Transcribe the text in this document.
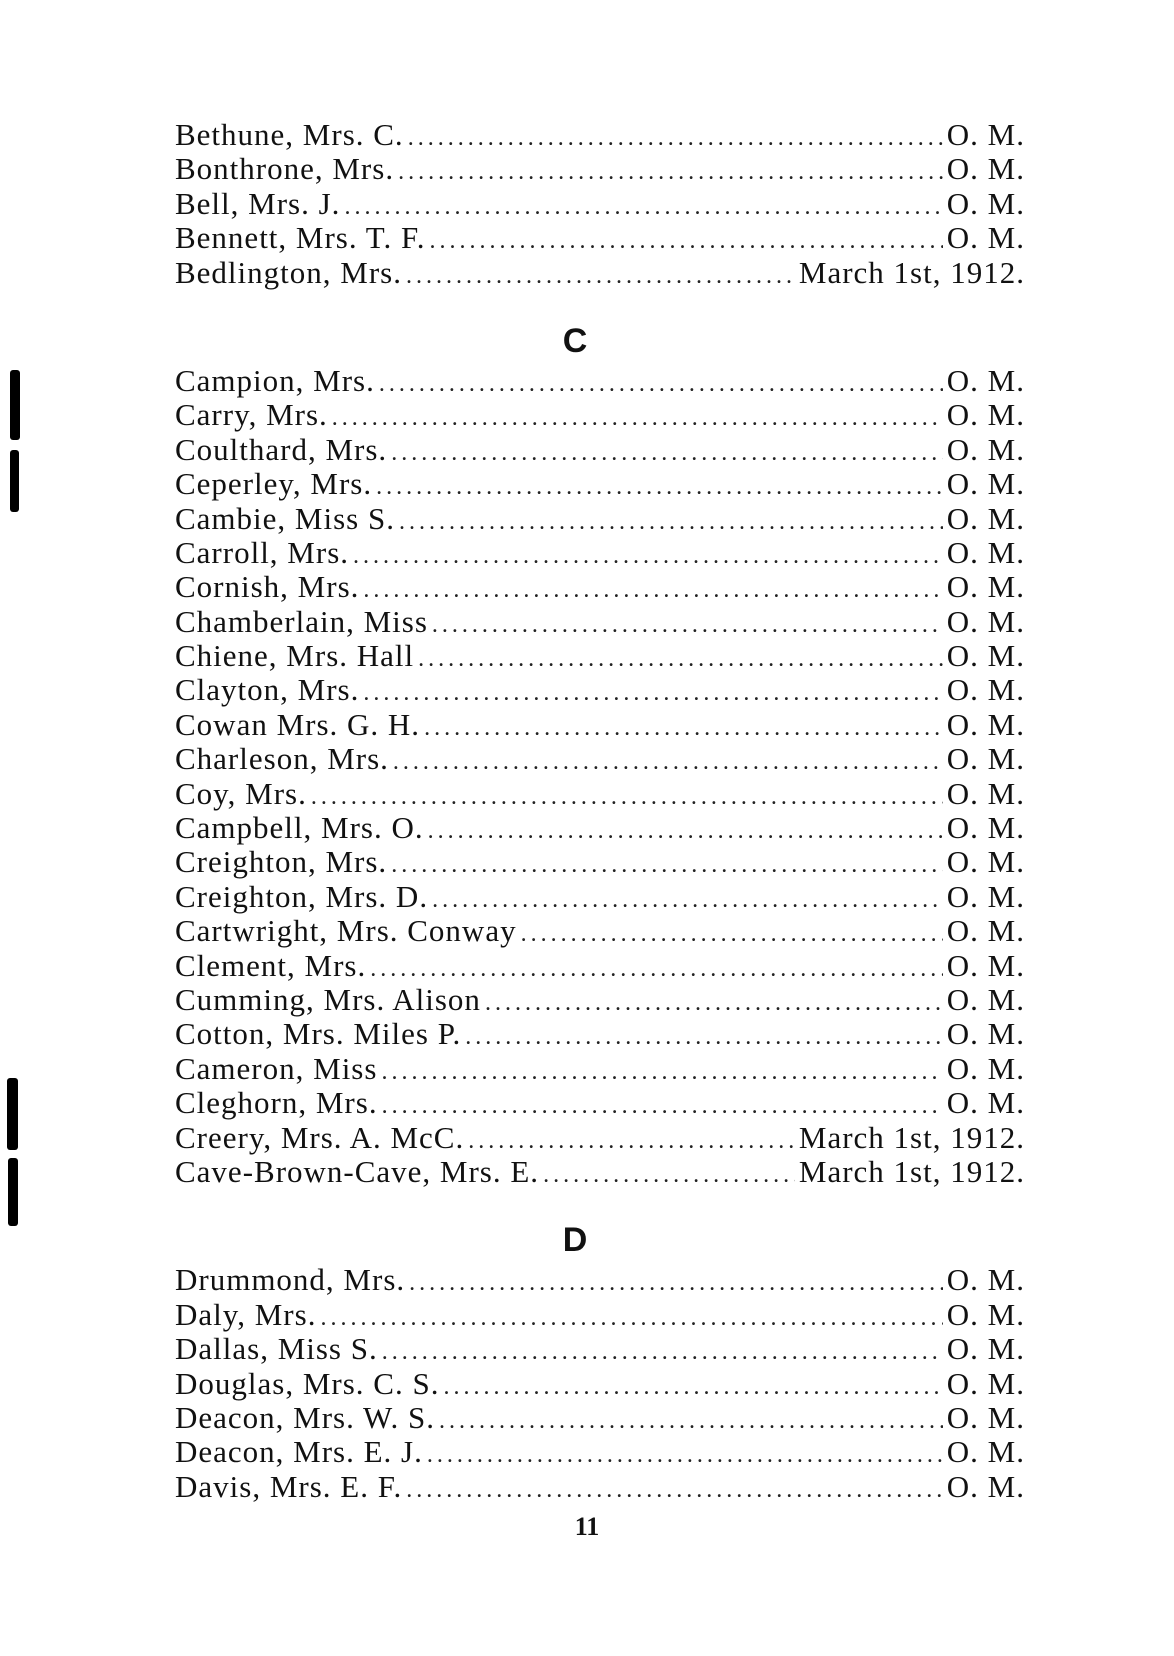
Bethune, Mrs. C. . . .	O. M.
Bonthrone, Mrs. . . .	O. M.
Bell, Mrs. J. . . .	O. M.
Bennett, Mrs. T. F. . . .	O. M.
Bedlington, Mrs. . . .	March 1st, 1912.
C
Campion, Mrs. . . .	O. M.
Carry, Mrs. . . .	O. M.
Coulthard, Mrs. . . .	O. M.
Ceperley, Mrs. . . .	O. M.
Cambie, Miss S. . . .	O. M.
Carroll, Mrs. . . .	O. M.
Cornish, Mrs. . . .	O. M.
Chamberlain, Miss . . .	O. M.
Chiene, Mrs. Hall . . .	O. M.
Clayton, Mrs. . . .	O. M.
Cowan Mrs. G. H. . . .	O. M.
Charleson, Mrs. . . .	O. M.
Coy, Mrs. . . .	O. M.
Campbell, Mrs. O. . . .	O. M.
Creighton, Mrs. . . .	O. M.
Creighton, Mrs. D. . . .	O. M.
Cartwright, Mrs. Conway . . .	O. M.
Clement, Mrs. . . .	O. M.
Cumming, Mrs. Alison . . .	O. M.
Cotton, Mrs. Miles P. . . .	O. M.
Cameron, Miss . . .	O. M.
Cleghorn, Mrs. . . .	O. M.
Creery, Mrs. A. McC. . . .	March 1st, 1912.
Cave-Brown-Cave, Mrs. E. . . .	March 1st, 1912.
D
Drummond, Mrs. . . .	O. M.
Daly, Mrs. . . .	O. M.
Dallas, Miss S. . . .	O. M.
Douglas, Mrs. C. S. . . .	O. M.
Deacon, Mrs. W. S. . . .	O. M.
Deacon, Mrs. E. J. . . .	O. M.
Davis, Mrs. E. F. . . .	O. M.
11
